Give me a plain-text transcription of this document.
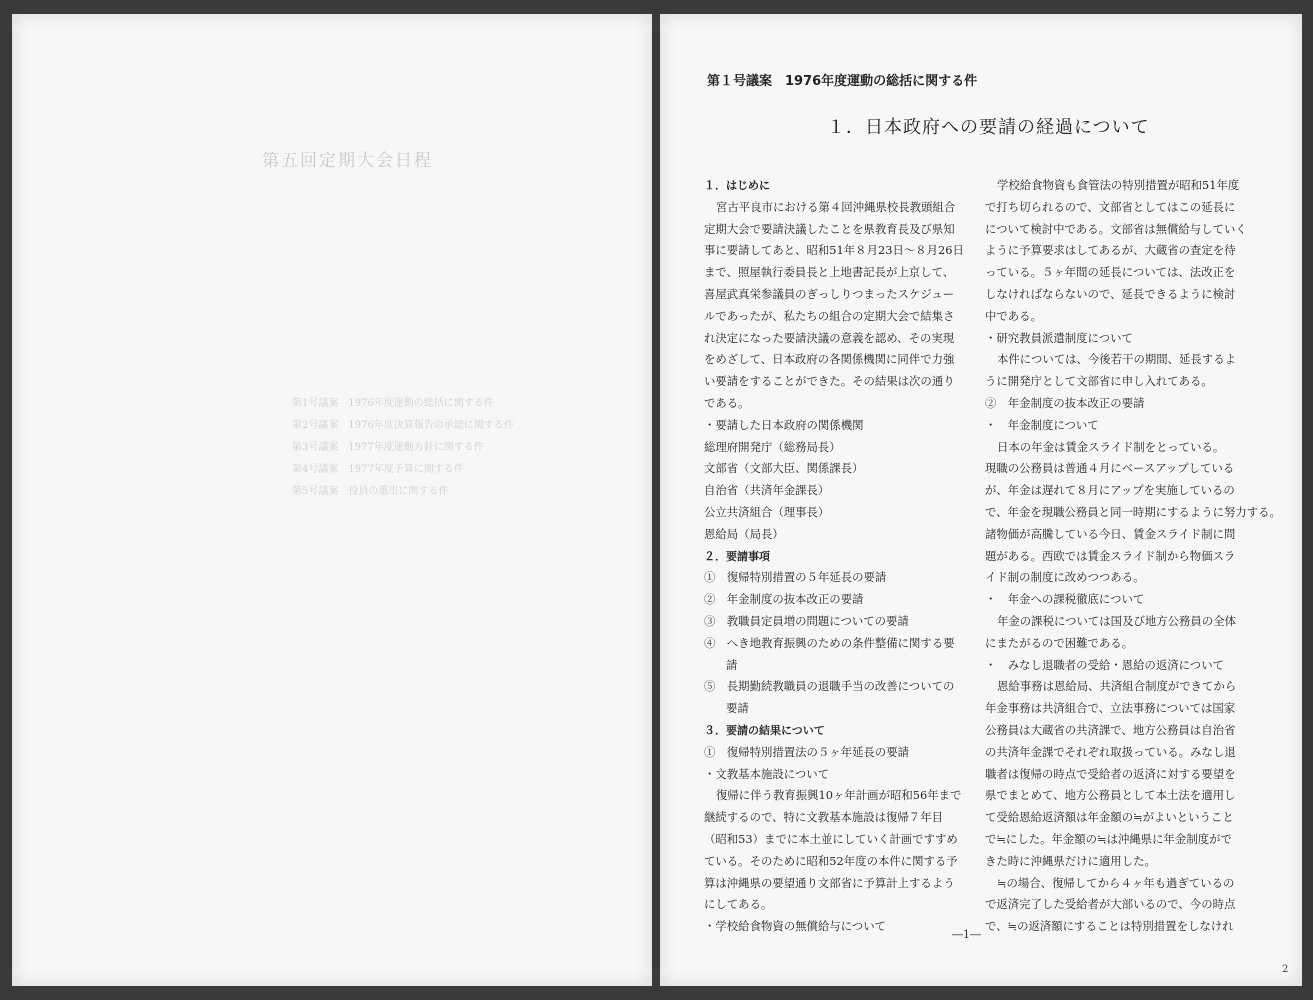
第五回定期大会日程
第1号議案　1976年度運動の総括に関する件
第2号議案　1976年度決算報告の承認に関する件
第3号議案　1977年度運動方針に関する件
第4号議案　1977年度予算に関する件
第5号議案　役員の選出に関する件
第１号議案　1976年度運動の総括に関する件
１．日本政府への要請の経過について

１．はじめに

宮古平良市における第４回沖縄県校長教頭組合

定期大会で要請決議したことを県教育長及び県知

事に要請してあと、昭和51年８月23日～８月26日

まで、照屋執行委員長と上地書記長が上京して、

喜屋武真栄参議員のぎっしりつまったスケジュー

ルであったが、私たちの組合の定期大会で結集さ

れ決定になった要請決議の意義を認め、その実現

をめざして、日本政府の各関係機関に同伴で力強

い要請をすることができた。その結果は次の通り

である。

・要請した日本政府の関係機関

総理府開発庁（総務局長）

文部省（文部大臣、関係課長）

自治省（共済年金課長）

公立共済組合（理事長）

恩給局（局長）

２．要請事項

①　復帰特別措置の５年延長の要請

②　年金制度の抜本改正の要請

③　教職員定員増の問題についての要請

④　へき地教育振興のための条件整備に関する要

請

⑤　長期勤続教職員の退職手当の改善についての

要請

３．要請の結果について

①　復帰特別措置法の５ヶ年延長の要請

・文教基本施設について

復帰に伴う教育振興10ヶ年計画が昭和56年まで

継続するので、特に文教基本施設は復帰７年目

（昭和53）までに本土並にしていく計画ですすめ

ている。そのために昭和52年度の本件に関する予

算は沖縄県の要望通り文部省に予算計上するよう

にしてある。

・学校給食物資の無償給与について

学校給食物資も食管法の特別措置が昭和51年度

で打ち切られるので、文部省としてはこの延長に

について検討中である。文部省は無償給与していく

ように予算要求はしてあるが、大蔵省の査定を待

っている。５ヶ年間の延長については、法改正を

しなければならないので、延長できるように検討

中である。

・研究教員派遣制度について

本件については、今後若干の期間、延長するよ

うに開発庁として文部省に申し入れてある。

②　年金制度の抜本改正の要請

・　年金制度について

日本の年金は賃金スライド制をとっている。

現職の公務員は普通４月にベースアップしている

が、年金は遅れて８月にアップを実施しているの

で、年金を現職公務員と同一時期にするように努力する。

諸物価が高騰している今日、賃金スライド制に問

題がある。西欧では賃金スライド制から物価スラ

イド制の制度に改めつつある。

・　年金への課税徹底について

年金の課税については国及び地方公務員の全体

にまたがるので困難である。

・　みなし退職者の受給・恩給の返済について

恩給事務は恩給局、共済組合制度ができてから

年金事務は共済組合で、立法事務については国家

公務員は大蔵省の共済課で、地方公務員は自治省

の共済年金課でそれぞれ取扱っている。みなし退

職者は復帰の時点で受給者の返済に対する要望を

県でまとめて、地方公務員として本土法を適用し

て受給恩給返済額は年金額の≒がよいということ

で≒にした。年金額の≒は沖縄県に年金制度がで

きた時に沖縄県だけに適用した。

≒の場合、復帰してから４ヶ年も過ぎているの

で返済完了した受給者が大部いるので、今の時点

で、≒の返済額にすることは特別措置をしなけれ

―1―
2
